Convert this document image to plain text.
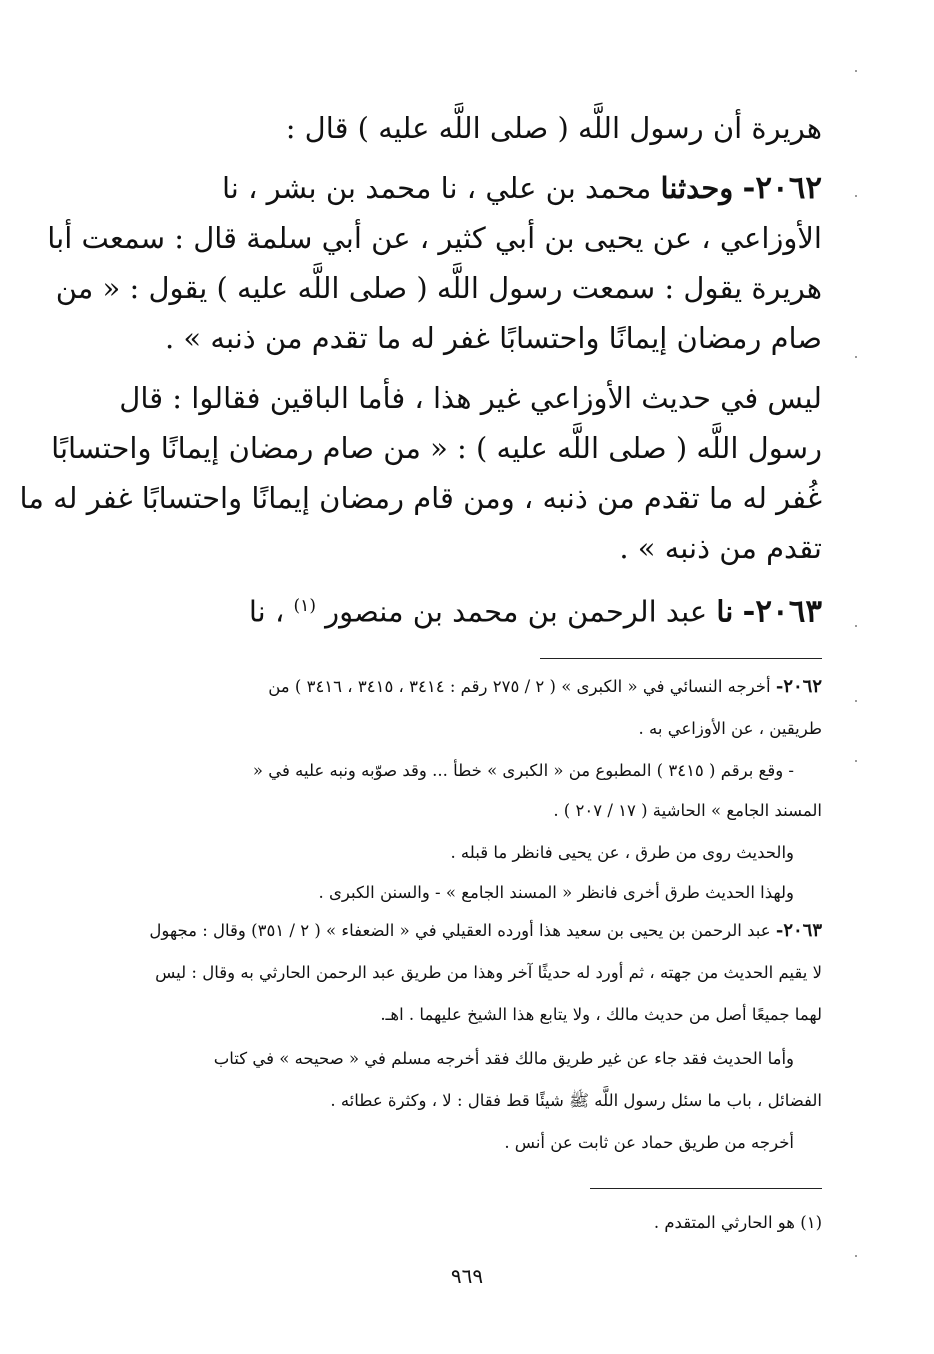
هريرة أن رسول اللَّه ( صلى اللَّه عليه ) قال :
٢٠٦٢- وحدثنا محمد بن علي ، نا محمد بن بشر ، نا
الأوزاعي ، عن يحيى بن أبي كثير ، عن أبي سلمة قال : سمعت أبا
هريرة يقول : سمعت رسول اللَّه ( صلى اللَّه عليه ) يقول : « من
صام رمضان إيمانًا واحتسابًا غفر له ما تقدم من ذنبه » .
ليس في حديث الأوزاعي غير هذا ، فأما الباقين فقالوا : قال
رسول اللَّه ( صلى اللَّه عليه ) : « من صام رمضان إيمانًا واحتسابًا
غُفر له ما تقدم من ذنبه ، ومن قام رمضان إيمانًا واحتسابًا غفر له ما
تقدم من ذنبه » .
٢٠٦٣- نا عبد الرحمن بن محمد بن منصور $^{(١)}$ ، نا
٢٠٦٢- أخرجه النسائي في « الكبرى » ( ٢ / ٢٧٥ رقم : ٣٤١٤ ، ٣٤١٥ ، ٣٤١٦ ) من
طريقين ، عن الأوزاعي به .
- وقع برقم ( ٣٤١٥ ) المطبوع من « الكبرى » خطأ ... وقد صوّبه ونبه عليه في «
المسند الجامع » الحاشية ( ١٧ / ٢٠٧ ) .
والحديث روى من طرق ، عن يحيى فانظر ما قبله .
ولهذا الحديث طرق أخرى فانظر « المسند الجامع » - والسنن الكبرى .
٢٠٦٣- عبد الرحمن بن يحيى بن سعيد هذا أورده العقيلي في « الضعفاء » ( ٢ / ٣٥١) وقال : مجهول
لا يقيم الحديث من جهته ، ثم أورد له حديثًا آخر وهذا من طريق عبد الرحمن الحارثي به وقال : ليس
لهما جميعًا أصل من حديث مالك ، ولا يتابع هذا الشيخ عليهما . اهـ.
وأما الحديث فقد جاء عن غير طريق مالك فقد أخرجه مسلم في « صحيحه » في كتاب
الفضائل ، باب ما سئل رسول اللَّه ﷺ شيئًا قط فقال : لا ، وكثرة عطائه .
أخرجه من طريق حماد عن ثابت عن أنس .
(١) هو الحارثي المتقدم .
٩٦٩
